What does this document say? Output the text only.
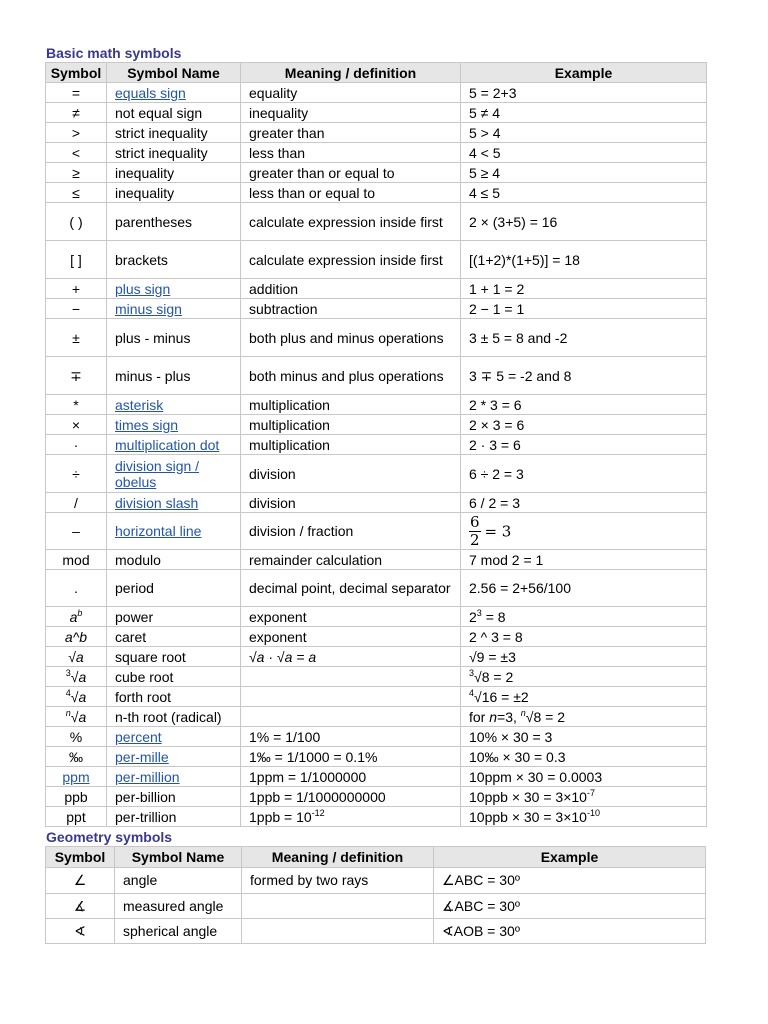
Basic math symbols
Symbol	Symbol Name	Meaning / definition	Example
=	equals sign	equality	5 = 2+3
≠	not equal sign	inequality	5 ≠ 4
>	strict inequality	greater than	5 > 4
<	strict inequality	less than	4 < 5
≥	inequality	greater than or equal to	5 ≥ 4
≤	inequality	less than or equal to	4 ≤ 5
( )	parentheses	calculate expression inside first	2 × (3+5) = 16
[ ]	brackets	calculate expression inside first	[(1+2)*(1+5)] = 18
+	plus sign	addition	1 + 1 = 2
−	minus sign	subtraction	2 − 1 = 1
±	plus - minus	both plus and minus operations	3 ± 5 = 8 and -2
∓	minus - plus	both minus and plus operations	3 ∓ 5 = -2 and 8
*	asterisk	multiplication	2 * 3 = 6
×	times sign	multiplication	2 × 3 = 6
·	multiplication dot	multiplication	2 · 3 = 6
÷	division sign / obelus	division	6 ÷ 2 = 3
/	division slash	division	6 / 2 = 3
–	horizontal line	division / fraction	$\frac{6}{2} = 3$
mod	modulo	remainder calculation	7 mod 2 = 1
.	period	decimal point, decimal separator	2.56 = 2+56/100
$a^b$	power	exponent	$2^3 = 8$
a^b	caret	exponent	2 ^ 3 = 8
√a	square root	√a · √a = a	√9 = ±3
$^3$√a	cube root		$^3$√8 = 2
$^4$√a	forth root		$^4$√16 = ±2
$^n$√a	n-th root (radical)		for n=3, $^n$√8 = 2
%	percent	1% = 1/100	10% × 30 = 3
‰	per-mille	1‰ = 1/1000 = 0.1%	10‰ × 30 = 0.3
ppm	per-million	1ppm = 1/1000000	10ppm × 30 = 0.0003
ppb	per-billion	1ppb = 1/1000000000	$10ppb \times 30 = 3\times 10^{-7}$
ppt	per-trillion	$1ppb = 10^{-12}$	$10ppb \times 30 = 3\times 10^{-10}$
Geometry symbols
Symbol	Symbol Name	Meaning / definition	Example
∠	angle	formed by two rays	∠ABC = 30º
∡	measured angle		∡ABC = 30º
∢	spherical angle		∢AOB = 30º
